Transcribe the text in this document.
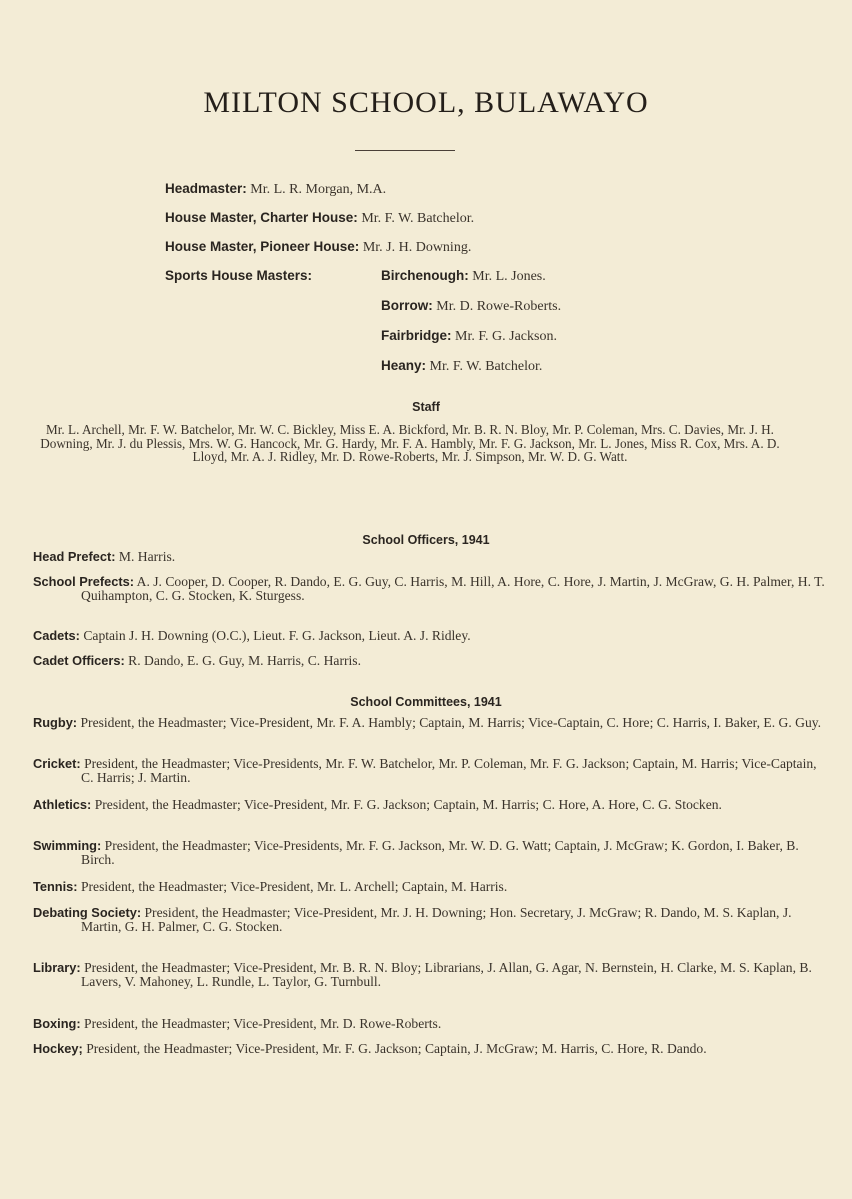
MILTON SCHOOL, BULAWAYO
Headmaster: Mr. L. R. Morgan, M.A.
House Master, Charter House: Mr. F. W. Batchelor.
House Master, Pioneer House: Mr. J. H. Downing.
Sports House Masters:	Birchenough: Mr. L. Jones.
Borrow: Mr. D. Rowe-Roberts.
Fairbridge: Mr. F. G. Jackson.
Heany: Mr. F. W. Batchelor.
Staff
Mr. L. Archell, Mr. F. W. Batchelor, Mr. W. C. Bickley, Miss E. A. Bickford, Mr. B. R. N. Bloy, Mr. P. Coleman, Mrs. C. Davies, Mr. J. H. Downing, Mr. J. du Plessis, Mrs. W. G. Hancock, Mr. G. Hardy, Mr. F. A. Hambly, Mr. F. G. Jackson, Mr. L. Jones, Miss R. Cox, Mrs. A. D. Lloyd, Mr. A. J. Ridley, Mr. D. Rowe-Roberts, Mr. J. Simpson, Mr. W. D. G. Watt.
School Officers, 1941
Head Prefect: M. Harris.
School Prefects: A. J. Cooper, D. Cooper, R. Dando, E. G. Guy, C. Harris, M. Hill, A. Hore, C. Hore, J. Martin, J. McGraw, G. H. Palmer, H. T. Quihampton, C. G. Stocken, K. Sturgess.
Cadets: Captain J. H. Downing (O.C.), Lieut. F. G. Jackson, Lieut. A. J. Ridley.
Cadet Officers: R. Dando, E. G. Guy, M. Harris, C. Harris.
School Committees, 1941
Rugby: President, the Headmaster; Vice-President, Mr. F. A. Hambly; Captain, M. Harris; Vice-Captain, C. Hore; C. Harris, I. Baker, E. G. Guy.
Cricket: President, the Headmaster; Vice-Presidents, Mr. F. W. Batchelor, Mr. P. Coleman, Mr. F. G. Jackson; Captain, M. Harris; Vice-Captain, C. Harris; J. Martin.
Athletics: President, the Headmaster; Vice-President, Mr. F. G. Jackson; Captain, M. Harris; C. Hore, A. Hore, C. G. Stocken.
Swimming: President, the Headmaster; Vice-Presidents, Mr. F. G. Jackson, Mr. W. D. G. Watt; Captain, J. McGraw; K. Gordon, I. Baker, B. Birch.
Tennis: President, the Headmaster; Vice-President, Mr. L. Archell; Captain, M. Harris.
Debating Society: President, the Headmaster; Vice-President, Mr. J. H. Downing; Hon. Secretary, J. McGraw; R. Dando, M. S. Kaplan, J. Martin, G. H. Palmer, C. G. Stocken.
Library: President, the Headmaster; Vice-President, Mr. B. R. N. Bloy; Librarians, J. Allan, G. Agar, N. Bernstein, H. Clarke, M. S. Kaplan, B. Lavers, V. Mahoney, L. Rundle, L. Taylor, G. Turnbull.
Boxing: President, the Headmaster; Vice-President, Mr. D. Rowe-Roberts.
Hockey; President, the Headmaster; Vice-President, Mr. F. G. Jackson; Captain, J. McGraw; M. Harris, C. Hore, R. Dando.
